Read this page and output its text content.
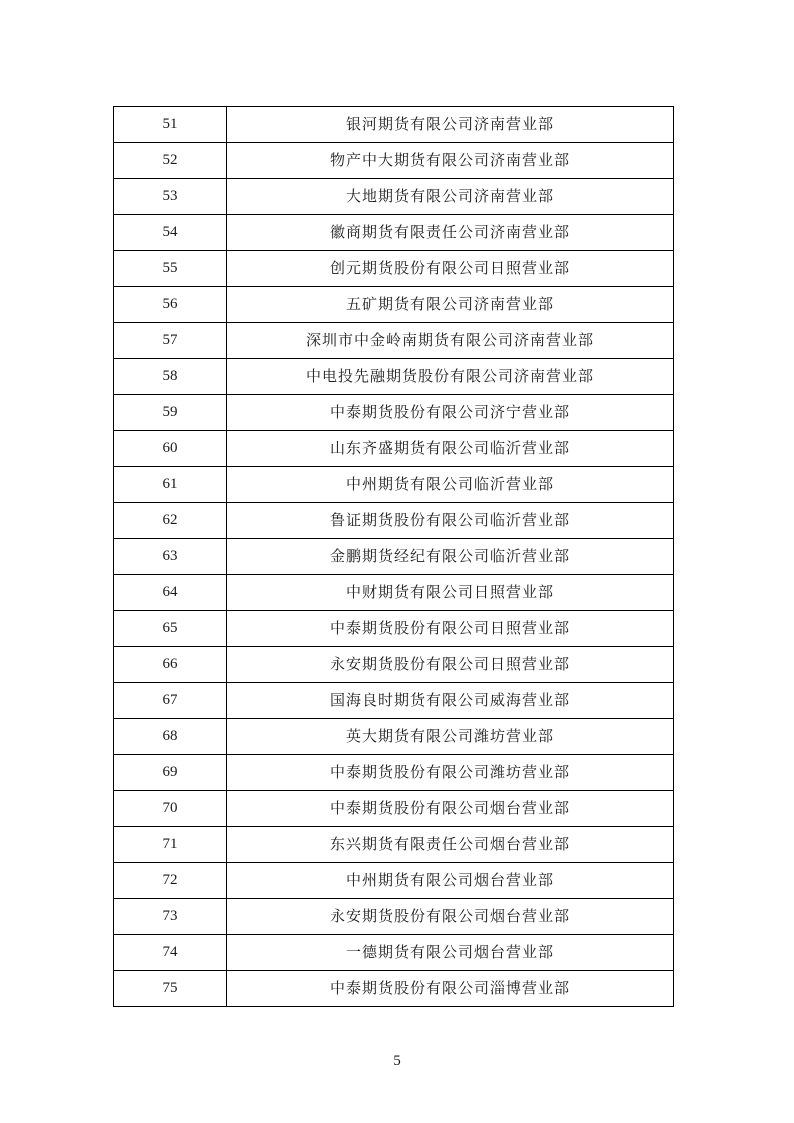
51	银河期货有限公司济南营业部
52	物产中大期货有限公司济南营业部
53	大地期货有限公司济南营业部
54	徽商期货有限责任公司济南营业部
55	创元期货股份有限公司日照营业部
56	五矿期货有限公司济南营业部
57	深圳市中金岭南期货有限公司济南营业部
58	中电投先融期货股份有限公司济南营业部
59	中泰期货股份有限公司济宁营业部
60	山东齐盛期货有限公司临沂营业部
61	中州期货有限公司临沂营业部
62	鲁证期货股份有限公司临沂营业部
63	金鹏期货经纪有限公司临沂营业部
64	中财期货有限公司日照营业部
65	中泰期货股份有限公司日照营业部
66	永安期货股份有限公司日照营业部
67	国海良时期货有限公司威海营业部
68	英大期货有限公司潍坊营业部
69	中泰期货股份有限公司潍坊营业部
70	中泰期货股份有限公司烟台营业部
71	东兴期货有限责任公司烟台营业部
72	中州期货有限公司烟台营业部
73	永安期货股份有限公司烟台营业部
74	一德期货有限公司烟台营业部
75	中泰期货股份有限公司淄博营业部
5
